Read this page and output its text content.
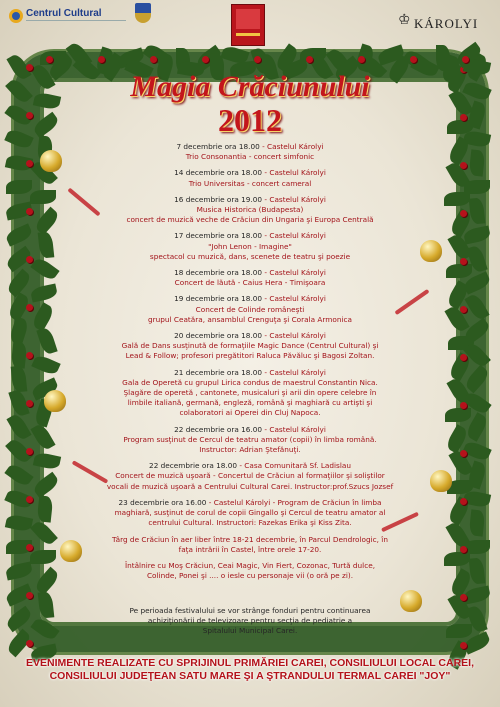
Centrul Cultural	♔ KÁROLYI
Magia Crăciunului
2012
7 decembrie ora 18.00 - Castelul Károlyi
Trio Consonantia - concert simfonic
14 decembrie ora 18.00 - Castelul Károlyi
Trio Universitas - concert cameral
16 decembrie ora 19.00 - Castelul Károlyi
Musica Historica (Budapesta)
concert de muzică veche de Crăciun din Ungaria şi Europa Centrală
17 decembrie ora 18.00 - Castelul Károlyi
"John Lenon - Imagine"
spectacol cu muzică, dans, scenete de teatru şi poezie
18 decembrie ora 18.00 - Castelul Károlyi
Concert de lăută - Caius Hera - Timişoara
19 decembrie ora 18.00 - Castelul Károlyi
Concert de Colinde româneşti
grupul Ceatăra, ansamblul Crenguţa şi Corala Armonica
20 decembrie ora 18.00 - Castelul Károlyi
Gală de Dans susţinută de formaţiile Magic Dance (Centrul Cultural) şi
Lead & Follow; profesori pregătitori Raluca Păvăluc şi Bagosi Zoltan.
21 decembrie ora 18.00 - Castelul Károlyi
Gala de Operetă cu grupul Lirica condus de maestrul Constantin Nica.
Şlagăre de operetă , cantonete, musicaluri şi arii din opere celebre în
limbile italiană, germană, engleză, română şi maghiară cu artişti şi
colaboratori ai Operei din Cluj Napoca.
22 decembrie ora 16.00 - Castelul Károlyi
Program susţinut de Cercul de teatru amator (copii) în limba română.
Instructor: Adrian Ştefănuţi.
22 decembrie ora 18.00 - Casa Comunitară Sf. Ladislau
Concert de muzică uşoară - Concertul de Crăciun al formaţiilor şi soliştilor
vocali de muzică uşoară a Centrului Cultural Carei. Instructor:prof.Szucs Jozsef
23 decembrie ora 16.00 - Castelul Károlyi - Program de Crăciun în limba
maghiară, susţinut de corul de copii Gingallo şi Cercul de teatru amator al
centrului Cultural. Instructori: Fazekas Erika şi Kiss Zita.
Târg de Crăciun în aer liber între 18-21 decembrie, în Parcul Dendrologic, în
faţa intrării în Castel, între orele 17-20.
Întâlnire cu Moş Crăciun, Ceai Magic, Vin Fiert, Cozonac, Turtă dulce,
Colinde, Ponei şi .... o iesle cu personaje vii (o oră pe zi).
Pe perioada festivalului se vor strânge fonduri pentru continuarea
achiziţionării de televizoare pentru secţia de pediatrie a
Spitalului Municipal Carei.
EVENIMENTE REALIZATE CU SPRIJINUL PRIMĂRIEI CAREI, CONSILIULUI LOCAL CAREI,
CONSILIULUI JUDEŢEAN SATU MARE ŞI A ŞTRANDULUI TERMAL CAREI "JOY"
